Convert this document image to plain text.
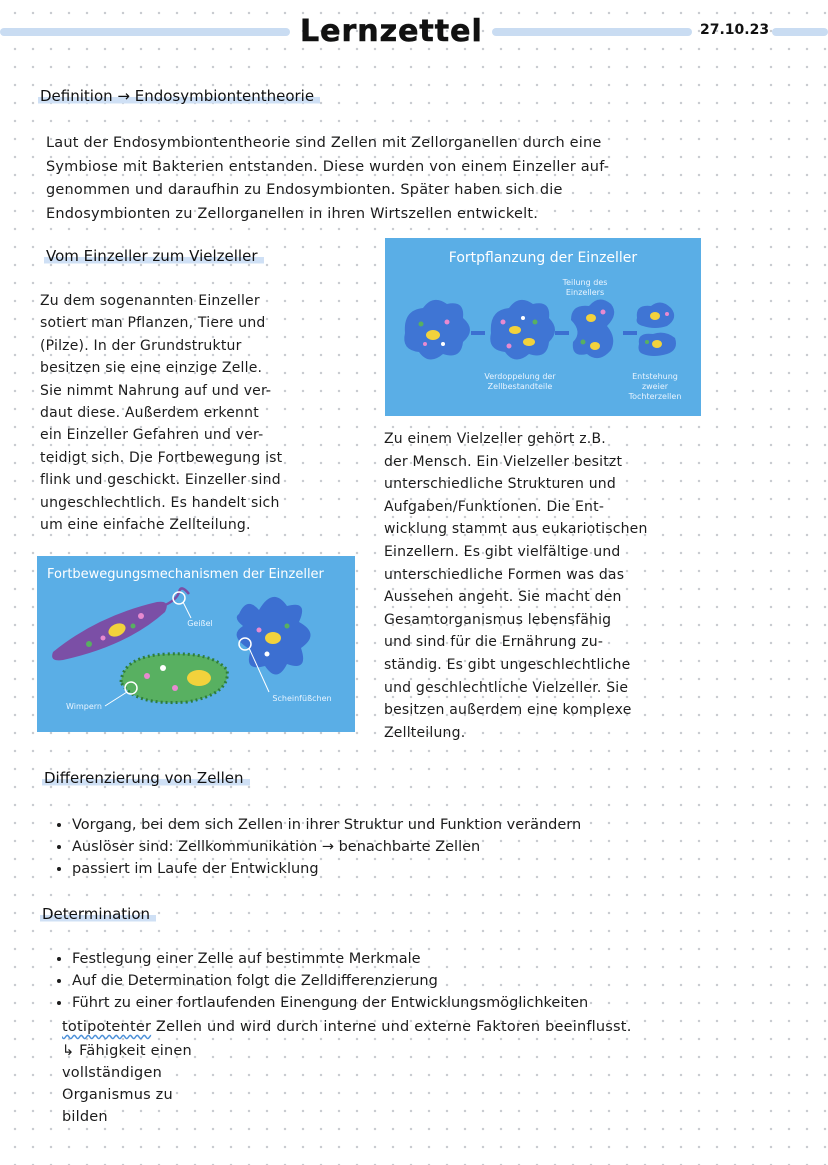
Lernzettel	27.10.23
Definition → Endosymbiontentheorie

Laut der Endosymbiontentheorie sind Zellen mit Zellorganellen durch eine

Symbiose mit Bakterien entstanden. Diese wurden von einem Einzeller auf-

genommen und daraufhin zu Endosymbionten. Später haben sich die

Endosymbionten zu Zellorganellen in ihren Wirtszellen entwickelt.

Vom Einzeller zum Vielzeller

Zu dem sogenannten Einzeller

sotiert man Pflanzen, Tiere und

(Pilze). In der Grundstruktur

besitzen sie eine einzige Zelle.

Sie nimmt Nahrung auf und ver-

daut diese. Außerdem erkennt

ein Einzeller Gefahren und ver-

teidigt sich. Die Fortbewegung ist

flink und geschickt. Einzeller sind

ungeschlechtlich. Es handelt sich

um eine einfache Zellteilung.

Fortpflanzung der Einzeller
Teilung des Einzellers
Verdoppelung der Zellbestandteile
Entstehung zweier Tochterzellen

Zu einem Vielzeller gehört z.B.

der Mensch. Ein Vielzeller besitzt

unterschiedliche Strukturen und

Aufgaben/Funktionen. Die Ent-

wicklung stammt aus eukariotischen

Einzellern. Es gibt vielfältige und

unterschiedliche Formen was das

Aussehen angeht. Sie macht den

Gesamtorganismus lebensfähig

und sind für die Ernährung zu-

ständig. Es gibt ungeschlechtliche

und geschlechtliche Vielzeller. Sie

besitzen außerdem eine komplexe

Zellteilung.

Fortbewegungsmechanismen der Einzeller
Geißel
Wimpern
Scheinfüßchen
Differenzierung von Zellen
• Vorgang, bei dem sich Zellen in ihrer Struktur und Funktion verändern
• Auslöser sind: Zellkommunikation → benachbarte Zellen
• passiert im Laufe der Entwicklung
Determination
• Festlegung einer Zelle auf bestimmte Merkmale
• Auf die Determination folgt die Zelldifferenzierung
• Führt zu einer fortlaufenden Einengung der Entwicklungsmöglichkeiten
totipotenter Zellen und wird durch interne und externe Faktoren beeinflusst.

↳ Fähigkeit einen

vollständigen

Organismus zu

bilden
